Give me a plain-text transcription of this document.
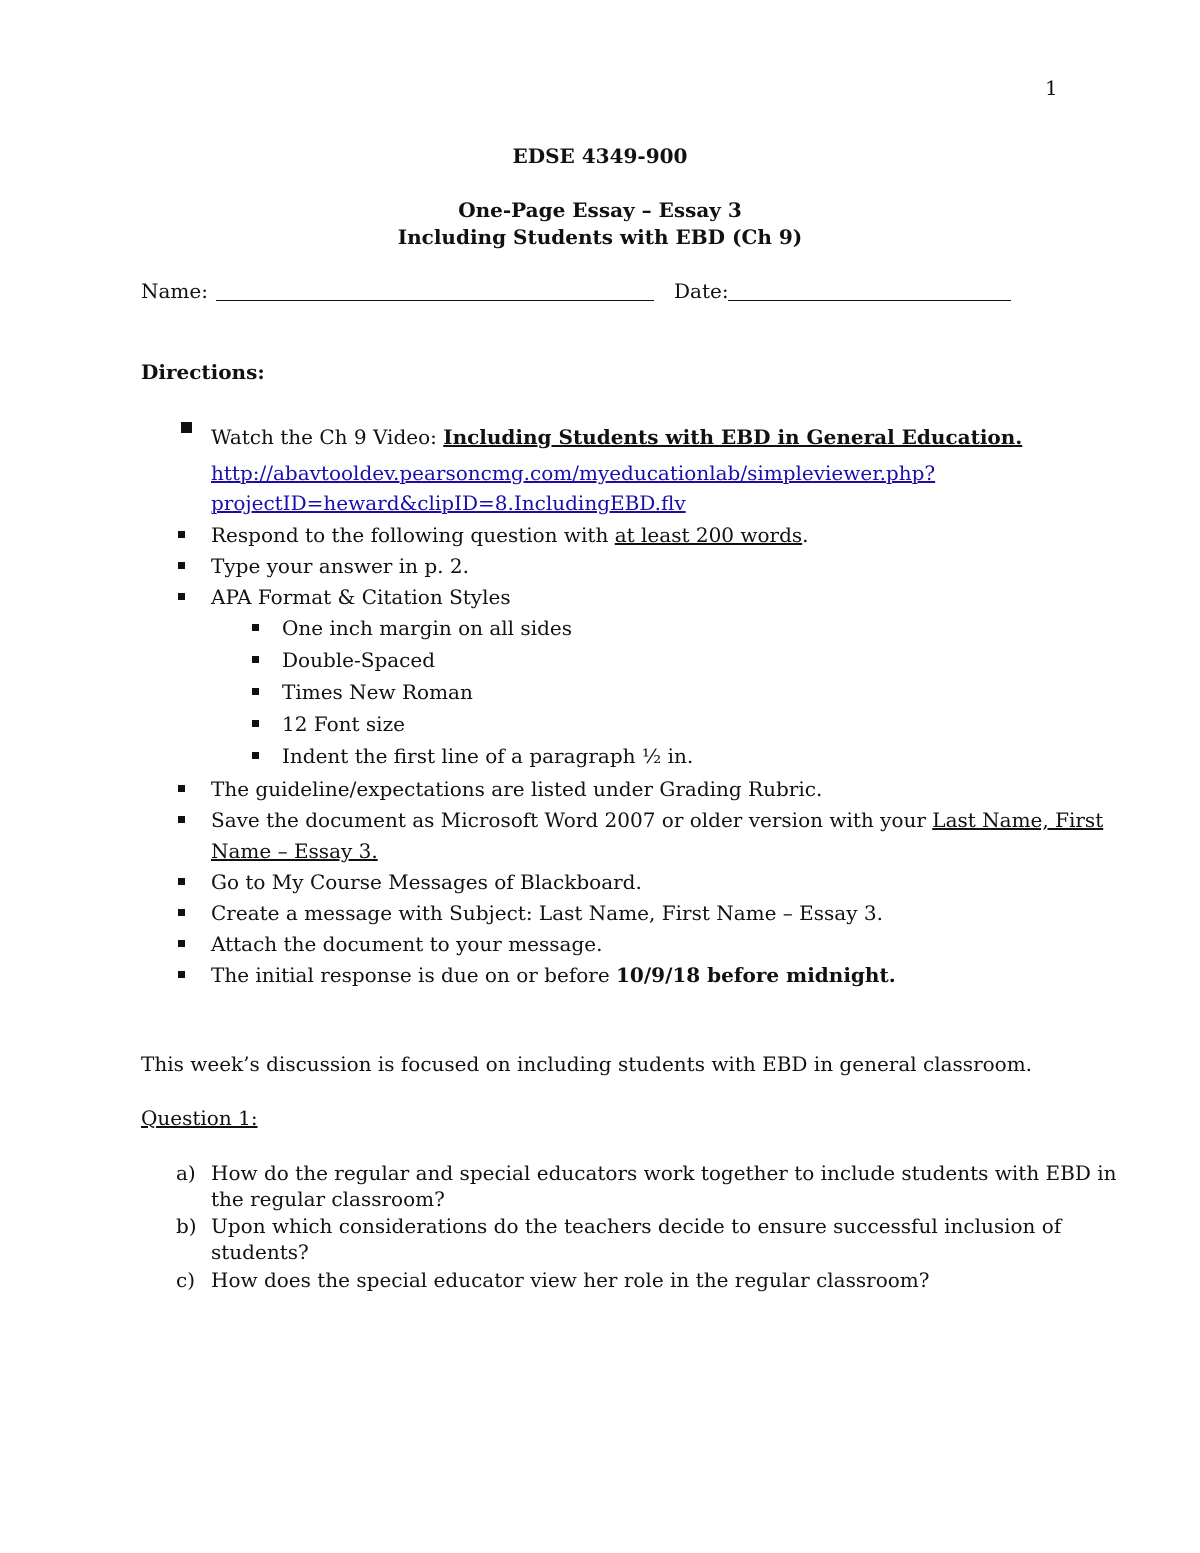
1
EDSE 4349-900
One-Page Essay – Essay 3
Including Students with EBD (Ch 9)
Name:	Date:
Directions:
Watch the Ch 9 Video: Including Students with EBD in General Education.
http://abavtooldev.pearsoncmg.com/myeducationlab/simpleviewer.php?
projectID=heward&clipID=8.IncludingEBD.flv
Respond to the following question with at least 200 words.
Type your answer in p. 2.
APA Format & Citation Styles
One inch margin on all sides
Double-Spaced
Times New Roman
12 Font size
Indent the first line of a paragraph ½ in.
The guideline/expectations are listed under Grading Rubric.
Save the document as Microsoft Word 2007 or older version with your Last Name, First
Name – Essay 3.
Go to My Course Messages of Blackboard.
Create a message with Subject: Last Name, First Name – Essay 3.
Attach the document to your message.
The initial response is due on or before 10/9/18 before midnight.
This week’s discussion is focused on including students with EBD in general classroom.
Question 1:
a) How do the regular and special educators work together to include students with EBD in
the regular classroom?
b) Upon which considerations do the teachers decide to ensure successful inclusion of
students?
c) How does the special educator view her role in the regular classroom?
